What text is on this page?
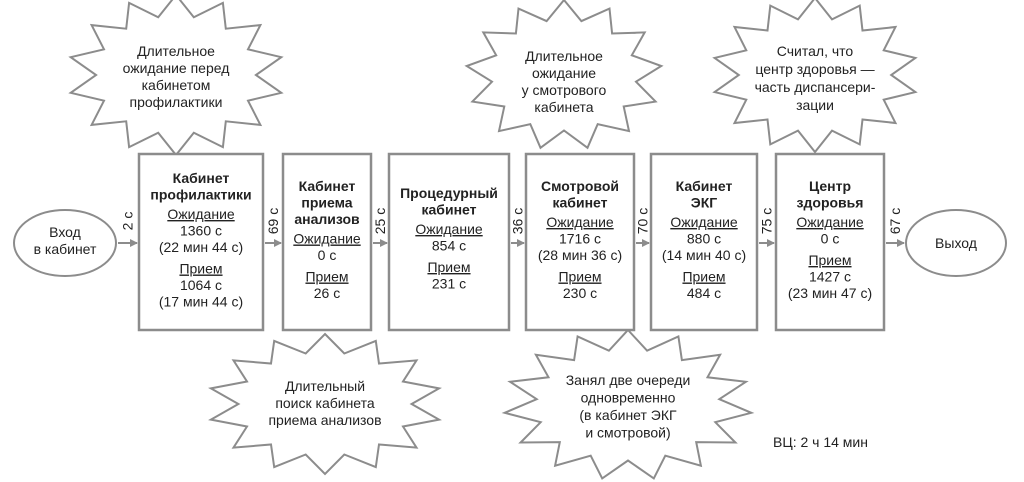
Вход
в кабинет	Выход
Кабинет
профилактики
Ожидание
1360 с
(22 мин 44 с)
Прием
1064 с
(17 мин 44 с)
Кабинет
приема
анализов
Ожидание
0 с
Прием
26 с
Процедурный
кабинет
Ожидание
854 с
Прием
231 с
Смотровой
кабинет
Ожидание
1716 с
(28 мин 36 с)
Прием
230 с
Кабинет
ЭКГ
Ожидание
880 с
(14 мин 40 с)
Прием
484 с
Центр
здоровья
Ожидание
0 с
Прием
1427 с
(23 мин 47 с)
2 с	69 с	25 с	36 с	70 с	75 с	67 с
Длительное
ожидание перед
кабинетом
профилактики
Длительное
ожидание
у смотрового
кабинета
Считал, что
центр здоровья —
часть диспансери-
зации
Длительный
поиск кабинета
приема анализов
Занял две очереди
одновременно
(в кабинет ЭКГ
и смотровой)
ВЦ: 2 ч 14 мин
